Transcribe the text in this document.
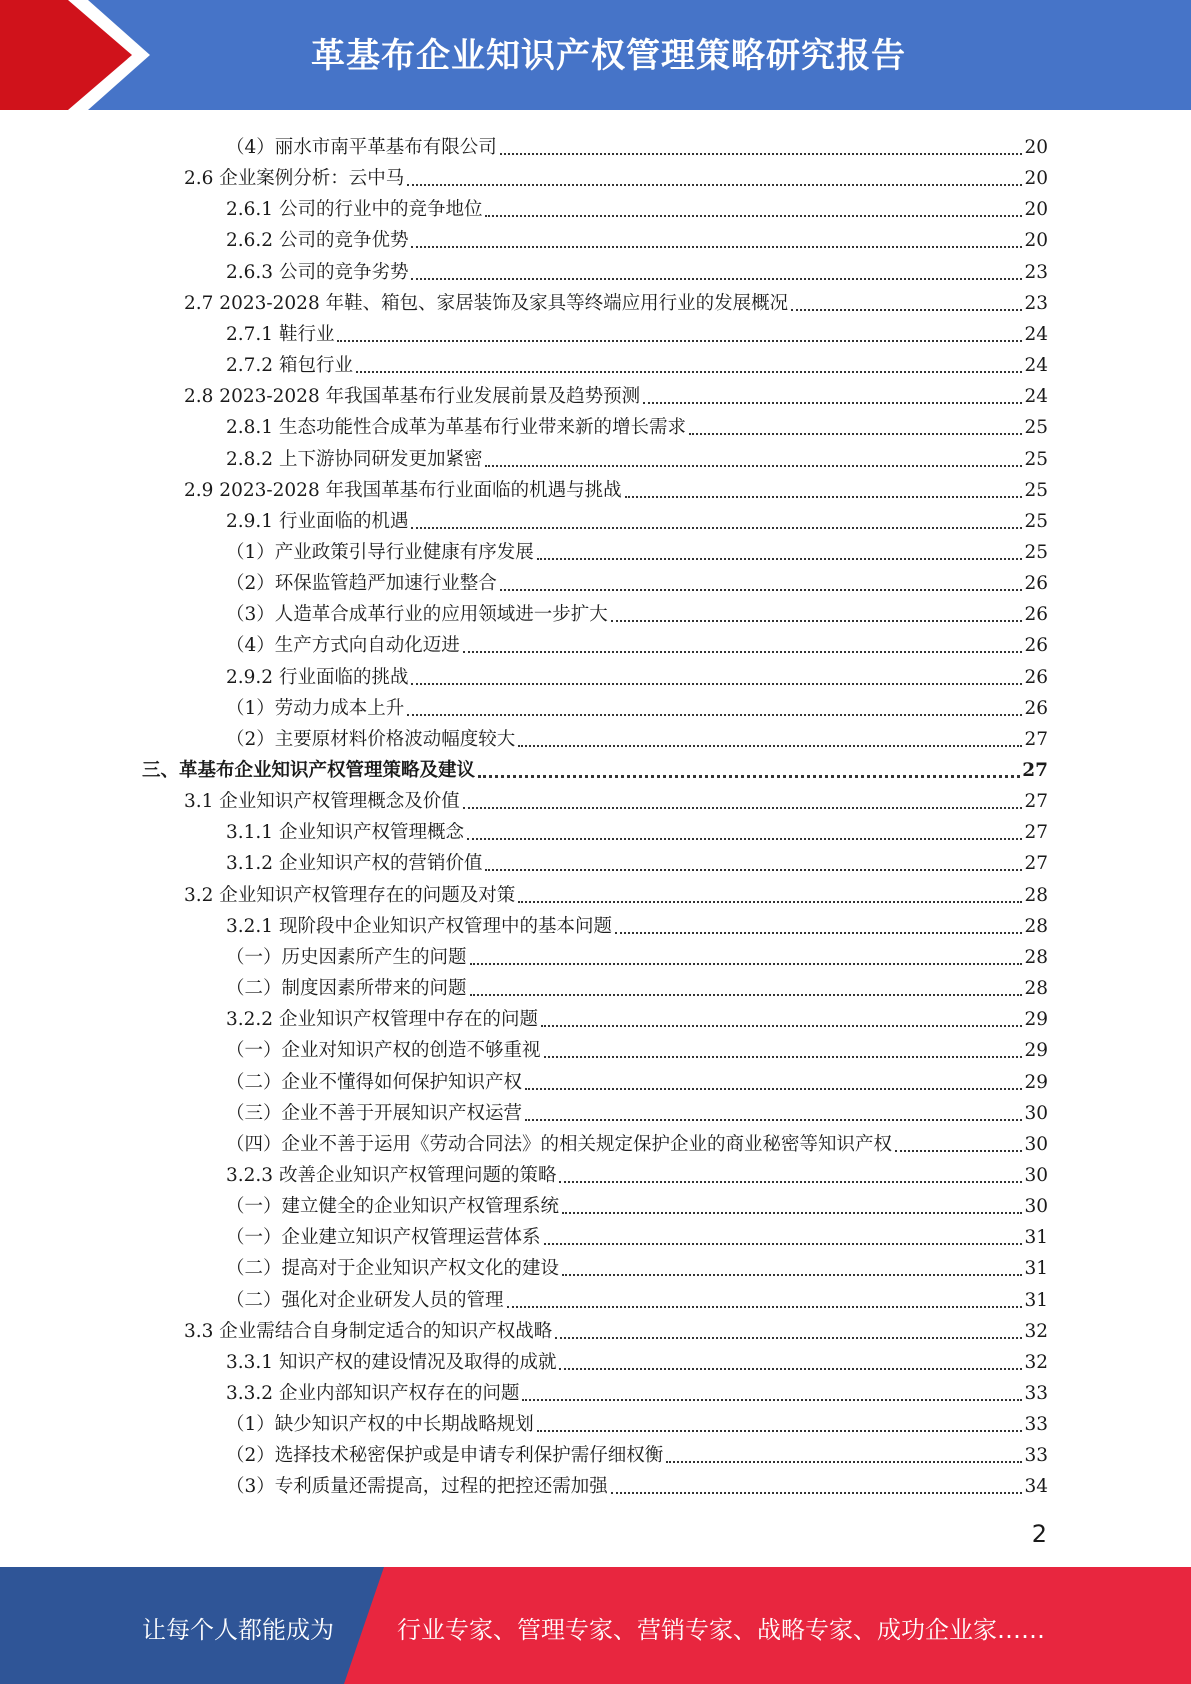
革基布企业知识产权管理策略研究报告
（4）丽水市南平革基布有限公司	20
2.6 企业案例分析：云中马	20
2.6.1 公司的行业中的竞争地位	20
2.6.2 公司的竞争优势	20
2.6.3 公司的竞争劣势	23
2.7 2023-2028 年鞋、箱包、家居装饰及家具等终端应用行业的发展概况	23
2.7.1 鞋行业	24
2.7.2 箱包行业	24
2.8 2023-2028 年我国革基布行业发展前景及趋势预测	24
2.8.1 生态功能性合成革为革基布行业带来新的增长需求	25
2.8.2 上下游协同研发更加紧密	25
2.9 2023-2028 年我国革基布行业面临的机遇与挑战	25
2.9.1 行业面临的机遇	25
（1）产业政策引导行业健康有序发展	25
（2）环保监管趋严加速行业整合	26
（3）人造革合成革行业的应用领域进一步扩大	26
（4）生产方式向自动化迈进	26
2.9.2 行业面临的挑战	26
（1）劳动力成本上升	26
（2）主要原材料价格波动幅度较大	27
三、革基布企业知识产权管理策略及建议	27
3.1 企业知识产权管理概念及价值	27
3.1.1 企业知识产权管理概念	27
3.1.2 企业知识产权的营销价值	27
3.2 企业知识产权管理存在的问题及对策	28
3.2.1 现阶段中企业知识产权管理中的基本问题	28
（一）历史因素所产生的问题	28
（二）制度因素所带来的问题	28
3.2.2 企业知识产权管理中存在的问题	29
（一）企业对知识产权的创造不够重视	29
（二）企业不懂得如何保护知识产权	29
（三）企业不善于开展知识产权运营	30
（四）企业不善于运用《劳动合同法》的相关规定保护企业的商业秘密等知识产权	30
3.2.3 改善企业知识产权管理问题的策略	30
（一）建立健全的企业知识产权管理系统	30
（一）企业建立知识产权管理运营体系	31
（二）提高对于企业知识产权文化的建设	31
（二）强化对企业研发人员的管理	31
3.3 企业需结合自身制定适合的知识产权战略	32
3.3.1 知识产权的建设情况及取得的成就	32
3.3.2 企业内部知识产权存在的问题	33
（1）缺少知识产权的中长期战略规划	33
（2）选择技术秘密保护或是申请专利保护需仔细权衡	33
（3）专利质量还需提高，过程的把控还需加强	34
2
让每个人都能成为	行业专家、管理专家、营销专家、战略专家、成功企业家……
